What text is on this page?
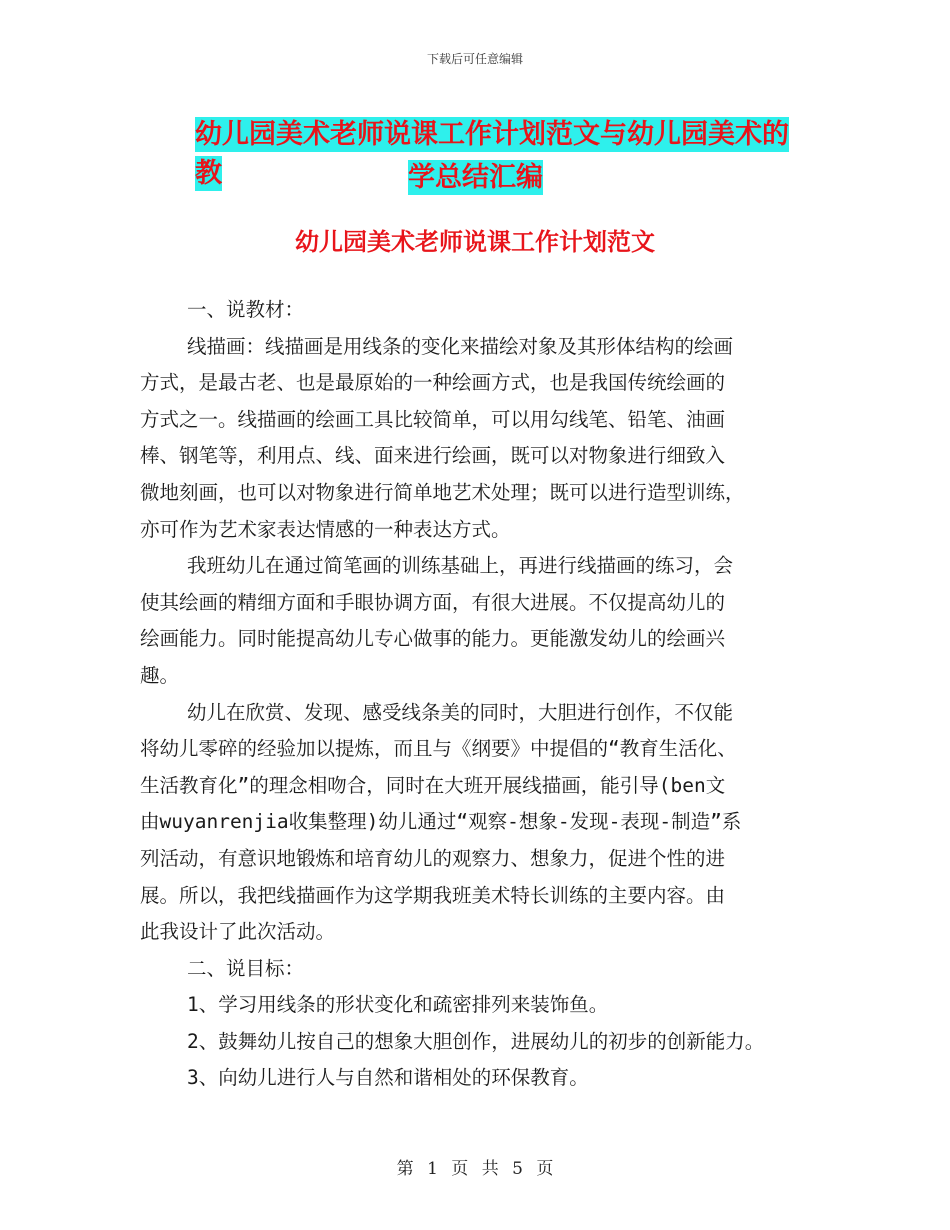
下载后可任意编辑
幼儿园美术老师说课工作计划范文与幼儿园美术的教	学总结汇编
幼儿园美术老师说课工作计划范文
一、说教材：
线描画：线描画是用线条的变化来描绘对象及其形体结构的绘画
方式，是最古老、也是最原始的一种绘画方式，也是我国传统绘画的
方式之一。线描画的绘画工具比较简单，可以用勾线笔、铅笔、油画
棒、钢笔等，利用点、线、面来进行绘画，既可以对物象进行细致入
微地刻画，也可以对物象进行简单地艺术处理；既可以进行造型训练，
亦可作为艺术家表达情感的一种表达方式。
我班幼儿在通过简笔画的训练基础上，再进行线描画的练习，会
使其绘画的精细方面和手眼协调方面，有很大进展。不仅提高幼儿的
绘画能力。同时能提高幼儿专心做事的能力。更能激发幼儿的绘画兴
趣。
幼儿在欣赏、发现、感受线条美的同时，大胆进行创作，不仅能
将幼儿零碎的经验加以提炼，而且与《纲要》中提倡的“教育生活化、
生活教育化”的理念相吻合，同时在大班开展线描画，能引导(ben文
由wuyanrenjia收集整理)幼儿通过“观察-想象-发现-表现-制造”系
列活动，有意识地锻炼和培育幼儿的观察力、想象力，促进个性的进
展。所以，我把线描画作为这学期我班美术特长训练的主要内容。由
此我设计了此次活动。
二、说目标：
1、学习用线条的形状变化和疏密排列来装饰鱼。
2、鼓舞幼儿按自己的想象大胆创作，进展幼儿的初步的创新能力。
3、向幼儿进行人与自然和谐相处的环保教育。
第 1 页 共 5 页
